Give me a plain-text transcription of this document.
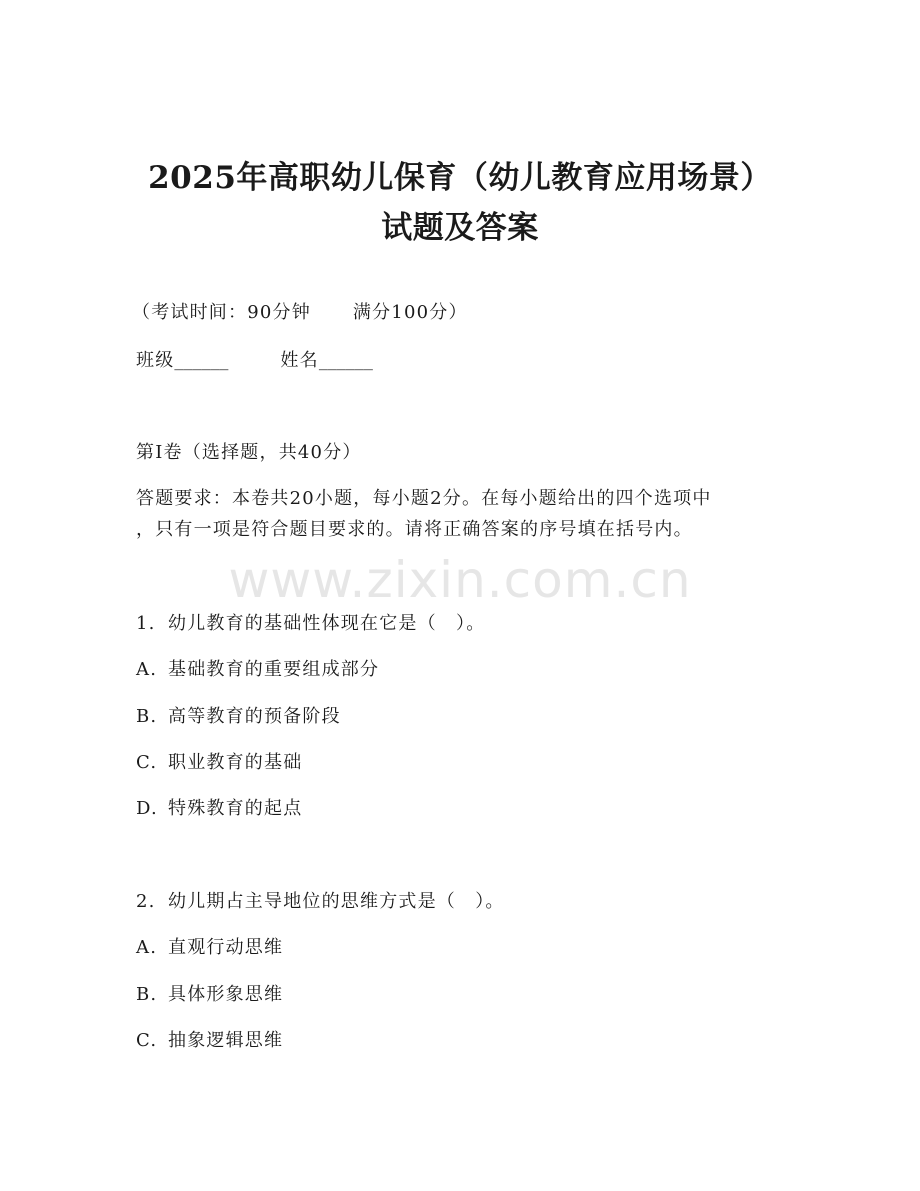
2025年高职幼儿保育（幼儿教育应用场景）
试题及答案
（考试时间：90分钟 满分100分）
班级______	姓名______
第I卷（选择题，共40分）
答题要求：本卷共20小题，每小题2分。在每小题给出的四个选项中
，只有一项是符合题目要求的。请将正确答案的序号填在括号内。
www.zixin.com.cn
1. 幼儿教育的基础性体现在它是（　）。
A. 基础教育的重要组成部分
B. 高等教育的预备阶段
C. 职业教育的基础
D. 特殊教育的起点
2. 幼儿期占主导地位的思维方式是（　）。
A. 直观行动思维
B. 具体形象思维
C. 抽象逻辑思维
